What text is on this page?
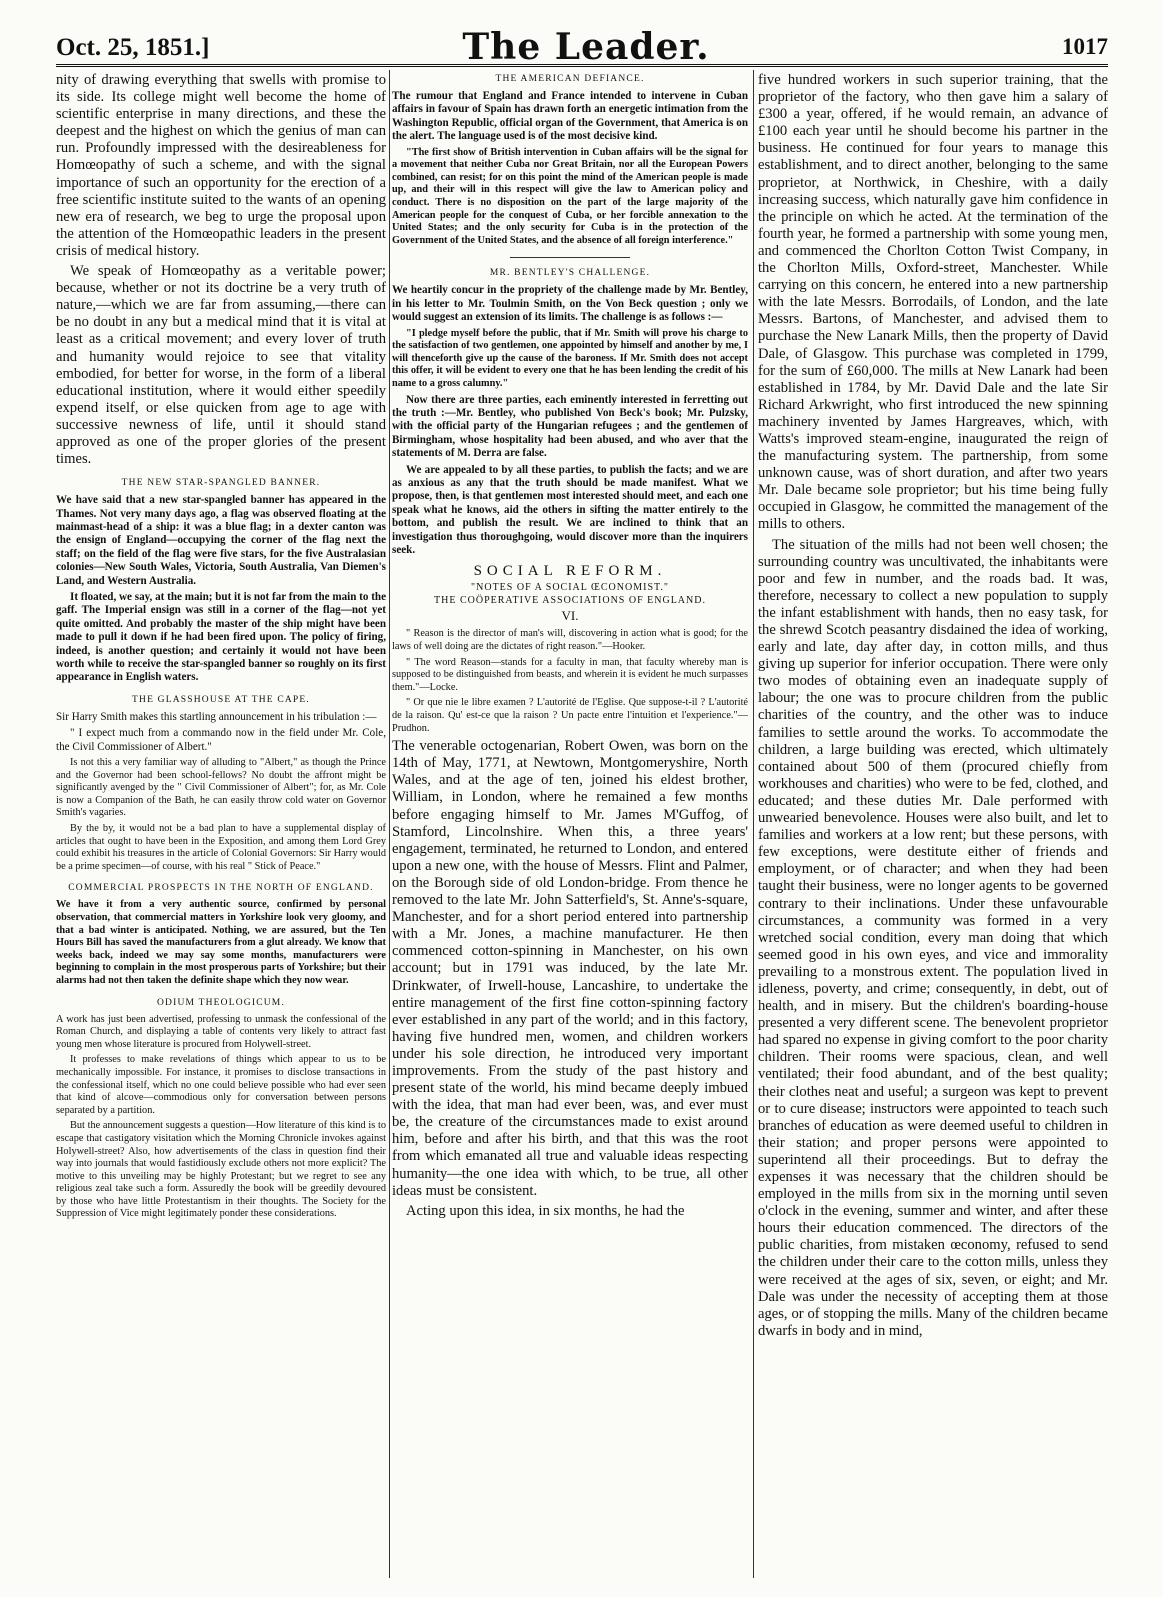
Oct. 25, 1851.]	The Leader.	1017

nity of drawing everything that swells with promise to its side. Its college might well become the home of scientific enterprise in many directions, and these the deepest and the highest on which the genius of man can run. Profoundly impressed with the desireableness for Homœopathy of such a scheme, and with the signal importance of such an opportunity for the erection of a free scientific institute suited to the wants of an opening new era of research, we beg to urge the proposal upon the attention of the Homœopathic leaders in the present crisis of medical history.

We speak of Homœopathy as a veritable power; because, whether or not its doctrine be a very truth of nature,—which we are far from assuming,—there can be no doubt in any but a medical mind that it is vital at least as a critical movement; and every lover of truth and humanity would rejoice to see that vitality embodied, for better for worse, in the form of a liberal educational institution, where it would either speedily expend itself, or else quicken from age to age with successive newness of life, until it should stand approved as one of the proper glories of the present times.

THE NEW STAR-SPANGLED BANNER.

We have said that a new star-spangled banner has appeared in the Thames. Not very many days ago, a flag was observed floating at the mainmast-head of a ship: it was a blue flag; in a dexter canton was the ensign of England—occupying the corner of the flag next the staff; on the field of the flag were five stars, for the five Australasian colonies—New South Wales, Victoria, South Australia, Van Diemen's Land, and Western Australia.

It floated, we say, at the main; but it is not far from the main to the gaff. The Imperial ensign was still in a corner of the flag—not yet quite omitted. And probably the master of the ship might have been made to pull it down if he had been fired upon. The policy of firing, indeed, is another question; and certainly it would not have been worth while to receive the star-spangled banner so roughly on its first appearance in English waters.

THE GLASSHOUSE AT THE CAPE.

Sir Harry Smith makes this startling announcement in his tribulation :—

" I expect much from a commando now in the field under Mr. Cole, the Civil Commissioner of Albert."

Is not this a very familiar way of alluding to "Albert," as though the Prince and the Governor had been school-fellows? No doubt the affront might be significantly avenged by the " Civil Commissioner of Albert"; for, as Mr. Cole is now a Companion of the Bath, he can easily throw cold water on Governor Smith's vagaries.

By the by, it would not be a bad plan to have a supplemental display of articles that ought to have been in the Exposition, and among them Lord Grey could exhibit his treasures in the article of Colonial Governors: Sir Harry would be a prime specimen—of course, with his real " Stick of Peace."

COMMERCIAL PROSPECTS IN THE NORTH OF ENGLAND.

We have it from a very authentic source, confirmed by personal observation, that commercial matters in Yorkshire look very gloomy, and that a bad winter is anticipated. Nothing, we are assured, but the Ten Hours Bill has saved the manufacturers from a glut already. We know that weeks back, indeed we may say some months, manufacturers were beginning to complain in the most prosperous parts of Yorkshire; but their alarms had not then taken the definite shape which they now wear.

ODIUM THEOLOGICUM.

A work has just been advertised, professing to unmask the confessional of the Roman Church, and displaying a table of contents very likely to attract fast young men whose literature is procured from Holywell-street.

It professes to make revelations of things which appear to us to be mechanically impossible. For instance, it promises to disclose transactions in the confessional itself, which no one could believe possible who had ever seen that kind of alcove—commodious only for conversation between persons separated by a partition.

But the announcement suggests a question—How literature of this kind is to escape that castigatory visitation which the Morning Chronicle invokes against Holywell-street? Also, how advertisements of the class in question find their way into journals that would fastidiously exclude others not more explicit? The motive to this unveiling may be highly Protestant; but we regret to see any religious zeal take such a form. Assuredly the book will be greedily devoured by those who have little Protestantism in their thoughts. The Society for the Suppression of Vice might legitimately ponder these considerations.

THE AMERICAN DEFIANCE.

The rumour that England and France intended to intervene in Cuban affairs in favour of Spain has drawn forth an energetic intimation from the Washington Republic, official organ of the Government, that America is on the alert. The language used is of the most decisive kind.

"The first show of British intervention in Cuban affairs will be the signal for a movement that neither Cuba nor Great Britain, nor all the European Powers combined, can resist; for on this point the mind of the American people is made up, and their will in this respect will give the law to American policy and conduct. There is no disposition on the part of the large majority of the American people for the conquest of Cuba, or her forcible annexation to the United States; and the only security for Cuba is in the protection of the Government of the United States, and the absence of all foreign interference."

MR. BENTLEY'S CHALLENGE.

We heartily concur in the propriety of the challenge made by Mr. Bentley, in his letter to Mr. Toulmin Smith, on the Von Beck question ; only we would suggest an extension of its limits. The challenge is as follows :—

"I pledge myself before the public, that if Mr. Smith will prove his charge to the satisfaction of two gentlemen, one appointed by himself and another by me, I will thenceforth give up the cause of the baroness. If Mr. Smith does not accept this offer, it will be evident to every one that he has been lending the credit of his name to a gross calumny."

Now there are three parties, each eminently interested in ferretting out the truth :—Mr. Bentley, who published Von Beck's book; Mr. Pulzsky, with the official party of the Hungarian refugees ; and the gentlemen of Birmingham, whose hospitality had been abused, and who aver that the statements of M. Derra are false.

We are appealed to by all these parties, to publish the facts; and we are as anxious as any that the truth should be made manifest. What we propose, then, is that gentlemen most interested should meet, and each one speak what he knows, aid the others in sifting the matter entirely to the bottom, and publish the result. We are inclined to think that an investigation thus thoroughgoing, would discover more than the inquirers seek.

SOCIAL REFORM.
"NOTES OF A SOCIAL ŒCONOMIST."
THE COÖPERATIVE ASSOCIATIONS OF ENGLAND.
VI.

" Reason is the director of man's will, discovering in action what is good; for the laws of well doing are the dictates of right reason."—Hooker.

" The word Reason—stands for a faculty in man, that faculty whereby man is supposed to be distinguished from beasts, and wherein it is evident he much surpasses them."—Locke.

" Or que nie le libre examen ? L'autorité de l'Eglise. Que suppose-t-il ? L'autorité de la raison. Qu' est-ce que la raison ? Un pacte entre l'intuition et l'experience."—Prudhon.

The venerable octogenarian, Robert Owen, was born on the 14th of May, 1771, at Newtown, Montgomeryshire, North Wales, and at the age of ten, joined his eldest brother, William, in London, where he remained a few months before engaging himself to Mr. James M'Guffog, of Stamford, Lincolnshire. When this, a three years' engagement, terminated, he returned to London, and entered upon a new one, with the house of Messrs. Flint and Palmer, on the Borough side of old London-bridge. From thence he removed to the late Mr. John Satterfield's, St. Anne's-square, Manchester, and for a short period entered into partnership with a Mr. Jones, a machine manufacturer. He then commenced cotton-spinning in Manchester, on his own account; but in 1791 was induced, by the late Mr. Drinkwater, of Irwell-house, Lancashire, to undertake the entire management of the first fine cotton-spinning factory ever established in any part of the world; and in this factory, having five hundred men, women, and children workers under his sole direction, he introduced very important improvements. From the study of the past history and present state of the world, his mind became deeply imbued with the idea, that man had ever been, was, and ever must be, the creature of the circumstances made to exist around him, before and after his birth, and that this was the root from which emanated all true and valuable ideas respecting humanity—the one idea with which, to be true, all other ideas must be consistent.

Acting upon this idea, in six months, he had the

five hundred workers in such superior training, that the proprietor of the factory, who then gave him a salary of £300 a year, offered, if he would remain, an advance of £100 each year until he should become his partner in the business. He continued for four years to manage this establishment, and to direct another, belonging to the same proprietor, at Northwick, in Cheshire, with a daily increasing success, which naturally gave him confidence in the principle on which he acted. At the termination of the fourth year, he formed a partnership with some young men, and commenced the Chorlton Cotton Twist Company, in the Chorlton Mills, Oxford-street, Manchester. While carrying on this concern, he entered into a new partnership with the late Messrs. Borrodails, of London, and the late Messrs. Bartons, of Manchester, and advised them to purchase the New Lanark Mills, then the property of David Dale, of Glasgow. This purchase was completed in 1799, for the sum of £60,000. The mills at New Lanark had been established in 1784, by Mr. David Dale and the late Sir Richard Arkwright, who first introduced the new spinning machinery invented by James Hargreaves, which, with Watts's improved steam-engine, inaugurated the reign of the manufacturing system. The partnership, from some unknown cause, was of short duration, and after two years Mr. Dale became sole proprietor; but his time being fully occupied in Glasgow, he committed the management of the mills to others.

The situation of the mills had not been well chosen; the surrounding country was uncultivated, the inhabitants were poor and few in number, and the roads bad. It was, therefore, necessary to collect a new population to supply the infant establishment with hands, then no easy task, for the shrewd Scotch peasantry disdained the idea of working, early and late, day after day, in cotton mills, and thus giving up superior for inferior occupation. There were only two modes of obtaining even an inadequate supply of labour; the one was to procure children from the public charities of the country, and the other was to induce families to settle around the works. To accommodate the children, a large building was erected, which ultimately contained about 500 of them (procured chiefly from workhouses and charities) who were to be fed, clothed, and educated; and these duties Mr. Dale performed with unwearied benevolence. Houses were also built, and let to families and workers at a low rent; but these persons, with few exceptions, were destitute either of friends and employment, or of character; and when they had been taught their business, were no longer agents to be governed contrary to their inclinations. Under these unfavourable circumstances, a community was formed in a very wretched social condition, every man doing that which seemed good in his own eyes, and vice and immorality prevailing to a monstrous extent. The population lived in idleness, poverty, and crime; consequently, in debt, out of health, and in misery. But the children's boarding-house presented a very different scene. The benevolent proprietor had spared no expense in giving comfort to the poor charity children. Their rooms were spacious, clean, and well ventilated; their food abundant, and of the best quality; their clothes neat and useful; a surgeon was kept to prevent or to cure disease; instructors were appointed to teach such branches of education as were deemed useful to children in their station; and proper persons were appointed to superintend all their proceedings. But to defray the expenses it was necessary that the children should be employed in the mills from six in the morning until seven o'clock in the evening, summer and winter, and after these hours their education commenced. The directors of the public charities, from mistaken œconomy, refused to send the children under their care to the cotton mills, unless they were received at the ages of six, seven, or eight; and Mr. Dale was under the necessity of accepting them at those ages, or of stopping the mills. Many of the children became dwarfs in body and in mind,
